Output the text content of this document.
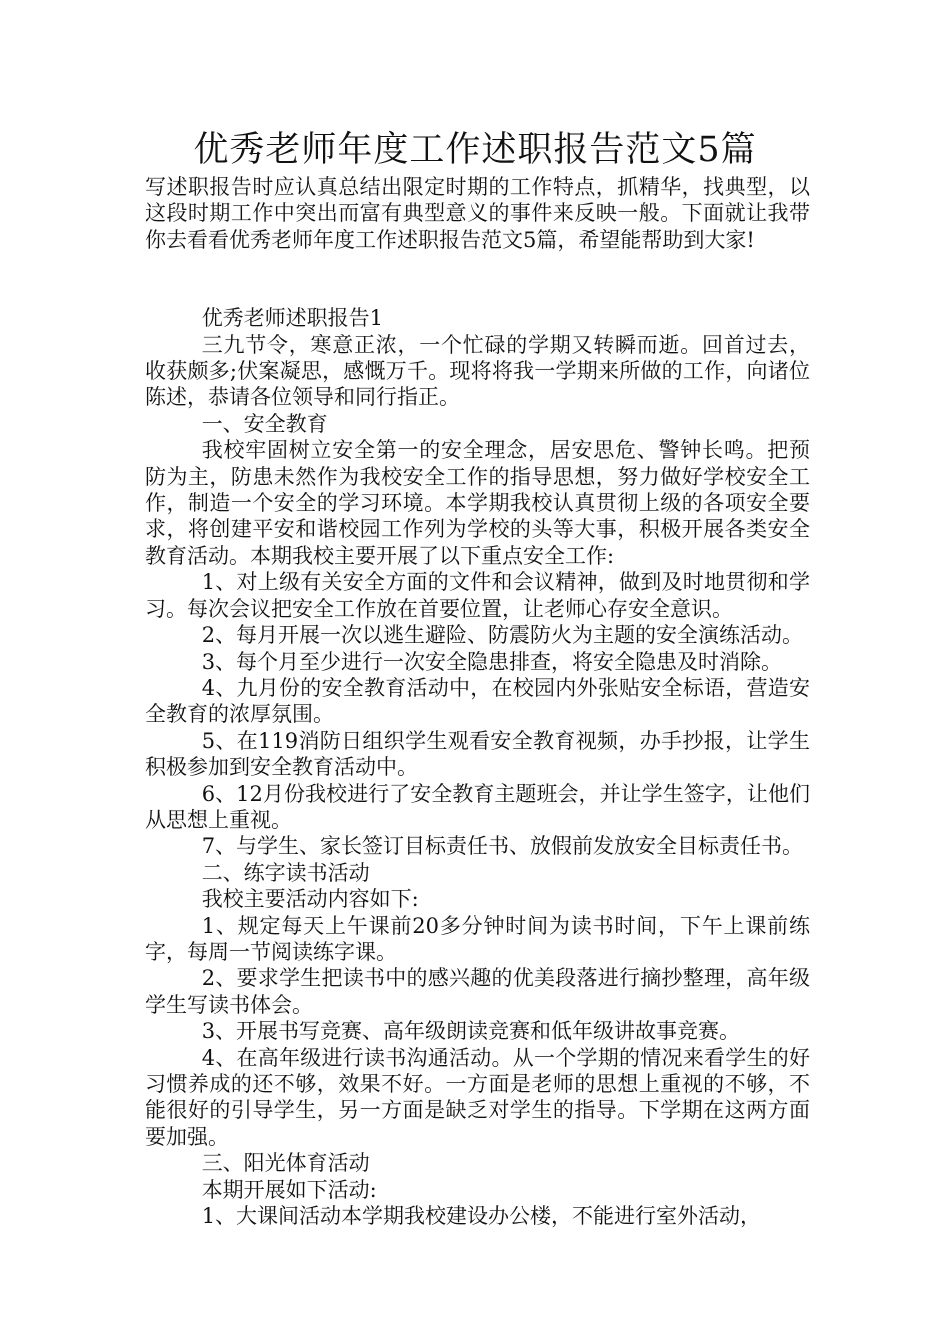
优秀老师年度工作述职报告范文5篇

写述职报告时应认真总结出限定时期的工作特点，抓精华，找典型，以这段时期工作中突出而富有典型意义的事件来反映一般。下面就让我带你去看看优秀老师年度工作述职报告范文5篇，希望能帮助到大家!

优秀老师述职报告1

三九节令，寒意正浓，一个忙碌的学期又转瞬而逝。回首过去，收获颇多;伏案凝思，感慨万千。现将将我一学期来所做的工作，向诸位陈述，恭请各位领导和同行指正。

一、安全教育

我校牢固树立安全第一的安全理念，居安思危、警钟长鸣。把预防为主，防患未然作为我校安全工作的指导思想，努力做好学校安全工作，制造一个安全的学习环境。本学期我校认真贯彻上级的各项安全要求，将创建平安和谐校园工作列为学校的头等大事，积极开展各类安全教育活动。本期我校主要开展了以下重点安全工作:

1、对上级有关安全方面的文件和会议精神，做到及时地贯彻和学习。每次会议把安全工作放在首要位置，让老师心存安全意识。

2、每月开展一次以逃生避险、防震防火为主题的安全演练活动。

3、每个月至少进行一次安全隐患排查，将安全隐患及时消除。

4、九月份的安全教育活动中，在校园内外张贴安全标语，营造安全教育的浓厚氛围。

5、在119消防日组织学生观看安全教育视频，办手抄报，让学生积极参加到安全教育活动中。

6、12月份我校进行了安全教育主题班会，并让学生签字，让他们从思想上重视。

7、与学生、家长签订目标责任书、放假前发放安全目标责任书。

二、练字读书活动

我校主要活动内容如下:

1、规定每天上午课前20多分钟时间为读书时间，下午上课前练字，每周一节阅读练字课。

2、要求学生把读书中的感兴趣的优美段落进行摘抄整理，高年级学生写读书体会。

3、开展书写竞赛、高年级朗读竞赛和低年级讲故事竞赛。

4、在高年级进行读书沟通活动。从一个学期的情况来看学生的好习惯养成的还不够，效果不好。一方面是老师的思想上重视的不够，不能很好的引导学生，另一方面是缺乏对学生的指导。下学期在这两方面要加强。

三、阳光体育活动

本期开展如下活动:

1、大课间活动本学期我校建设办公楼，不能进行室外活动，
